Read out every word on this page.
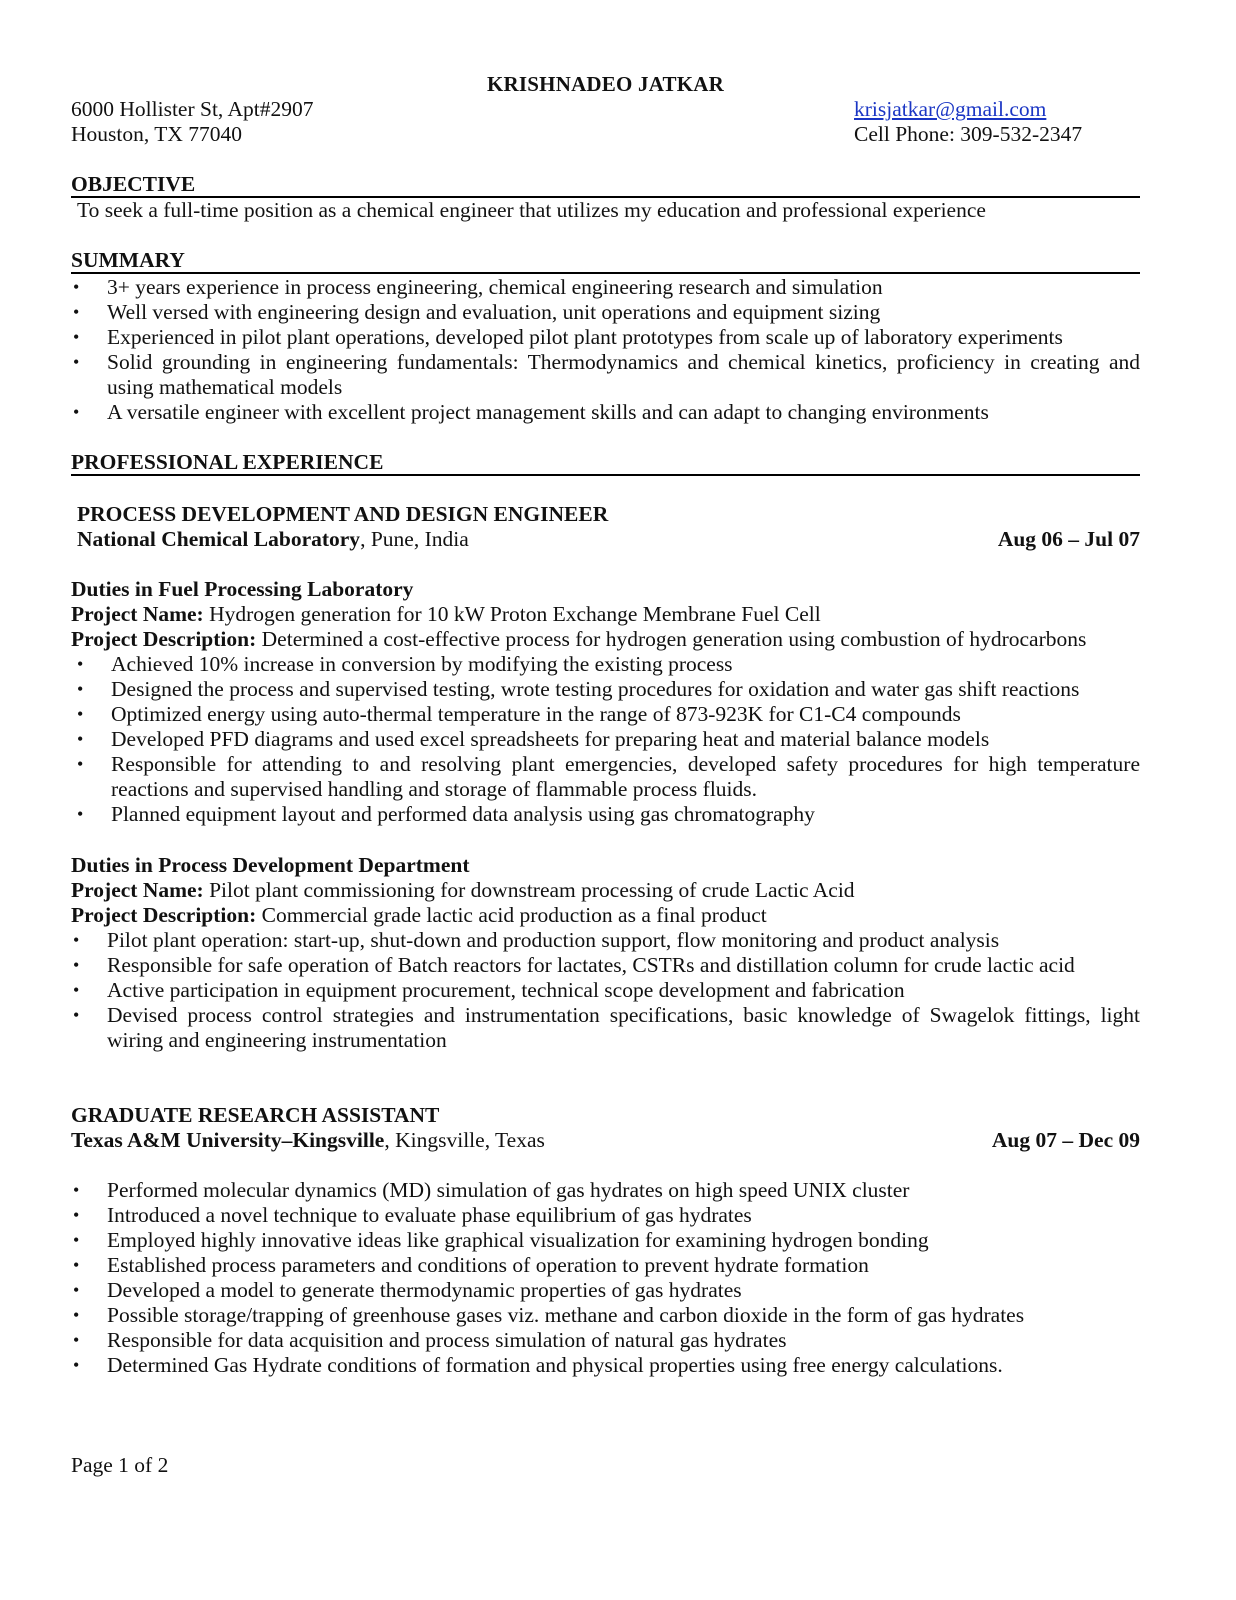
KRISHNADEO JATKAR
6000 Hollister St, Apt#2907
Houston, TX 77040
krisjatkar@gmail.com
Cell Phone: 309-532-2347
OBJECTIVE
To seek a full-time position as a chemical engineer that utilizes my education and professional experience
SUMMARY
• 3+ years experience in process engineering, chemical engineering research and simulation
• Well versed with engineering design and evaluation, unit operations and equipment sizing
• Experienced in pilot plant operations, developed pilot plant prototypes from scale up of laboratory experiments
• Solid grounding in engineering fundamentals: Thermodynamics and chemical kinetics, proficiency in creating and using mathematical models
• A versatile engineer with excellent project management skills and can adapt to changing environments
PROFESSIONAL EXPERIENCE
PROCESS DEVELOPMENT AND DESIGN ENGINEER
National Chemical Laboratory, Pune, India	Aug 06 – Jul 07
Duties in Fuel Processing Laboratory
Project Name: Hydrogen generation for 10 kW Proton Exchange Membrane Fuel Cell
Project Description: Determined a cost-effective process for hydrogen generation using combustion of hydrocarbons
• Achieved 10% increase in conversion by modifying the existing process
• Designed the process and supervised testing, wrote testing procedures for oxidation and water gas shift reactions
• Optimized energy using auto-thermal temperature in the range of 873-923K for C1-C4 compounds
• Developed PFD diagrams and used excel spreadsheets for preparing heat and material balance models
• Responsible for attending to and resolving plant emergencies, developed safety procedures for high temperature reactions and supervised handling and storage of flammable process fluids.
• Planned equipment layout and performed data analysis using gas chromatography
Duties in Process Development Department
Project Name: Pilot plant commissioning for downstream processing of crude Lactic Acid
Project Description: Commercial grade lactic acid production as a final product
• Pilot plant operation: start-up, shut-down and production support, flow monitoring and product analysis
• Responsible for safe operation of Batch reactors for lactates, CSTRs and distillation column for crude lactic acid
• Active participation in equipment procurement, technical scope development and fabrication
• Devised process control strategies and instrumentation specifications, basic knowledge of Swagelok fittings, light wiring and engineering instrumentation
GRADUATE RESEARCH ASSISTANT
Texas A&M University–Kingsville, Kingsville, Texas	Aug 07 – Dec 09
• Performed molecular dynamics (MD) simulation of gas hydrates on high speed UNIX cluster
• Introduced a novel technique to evaluate phase equilibrium of gas hydrates
• Employed highly innovative ideas like graphical visualization for examining hydrogen bonding
• Established process parameters and conditions of operation to prevent hydrate formation
• Developed a model to generate thermodynamic properties of gas hydrates
• Possible storage/trapping of greenhouse gases viz. methane and carbon dioxide in the form of gas hydrates
• Responsible for data acquisition and process simulation of natural gas hydrates
• Determined Gas Hydrate conditions of formation and physical properties using free energy calculations.
Page 1 of 2
